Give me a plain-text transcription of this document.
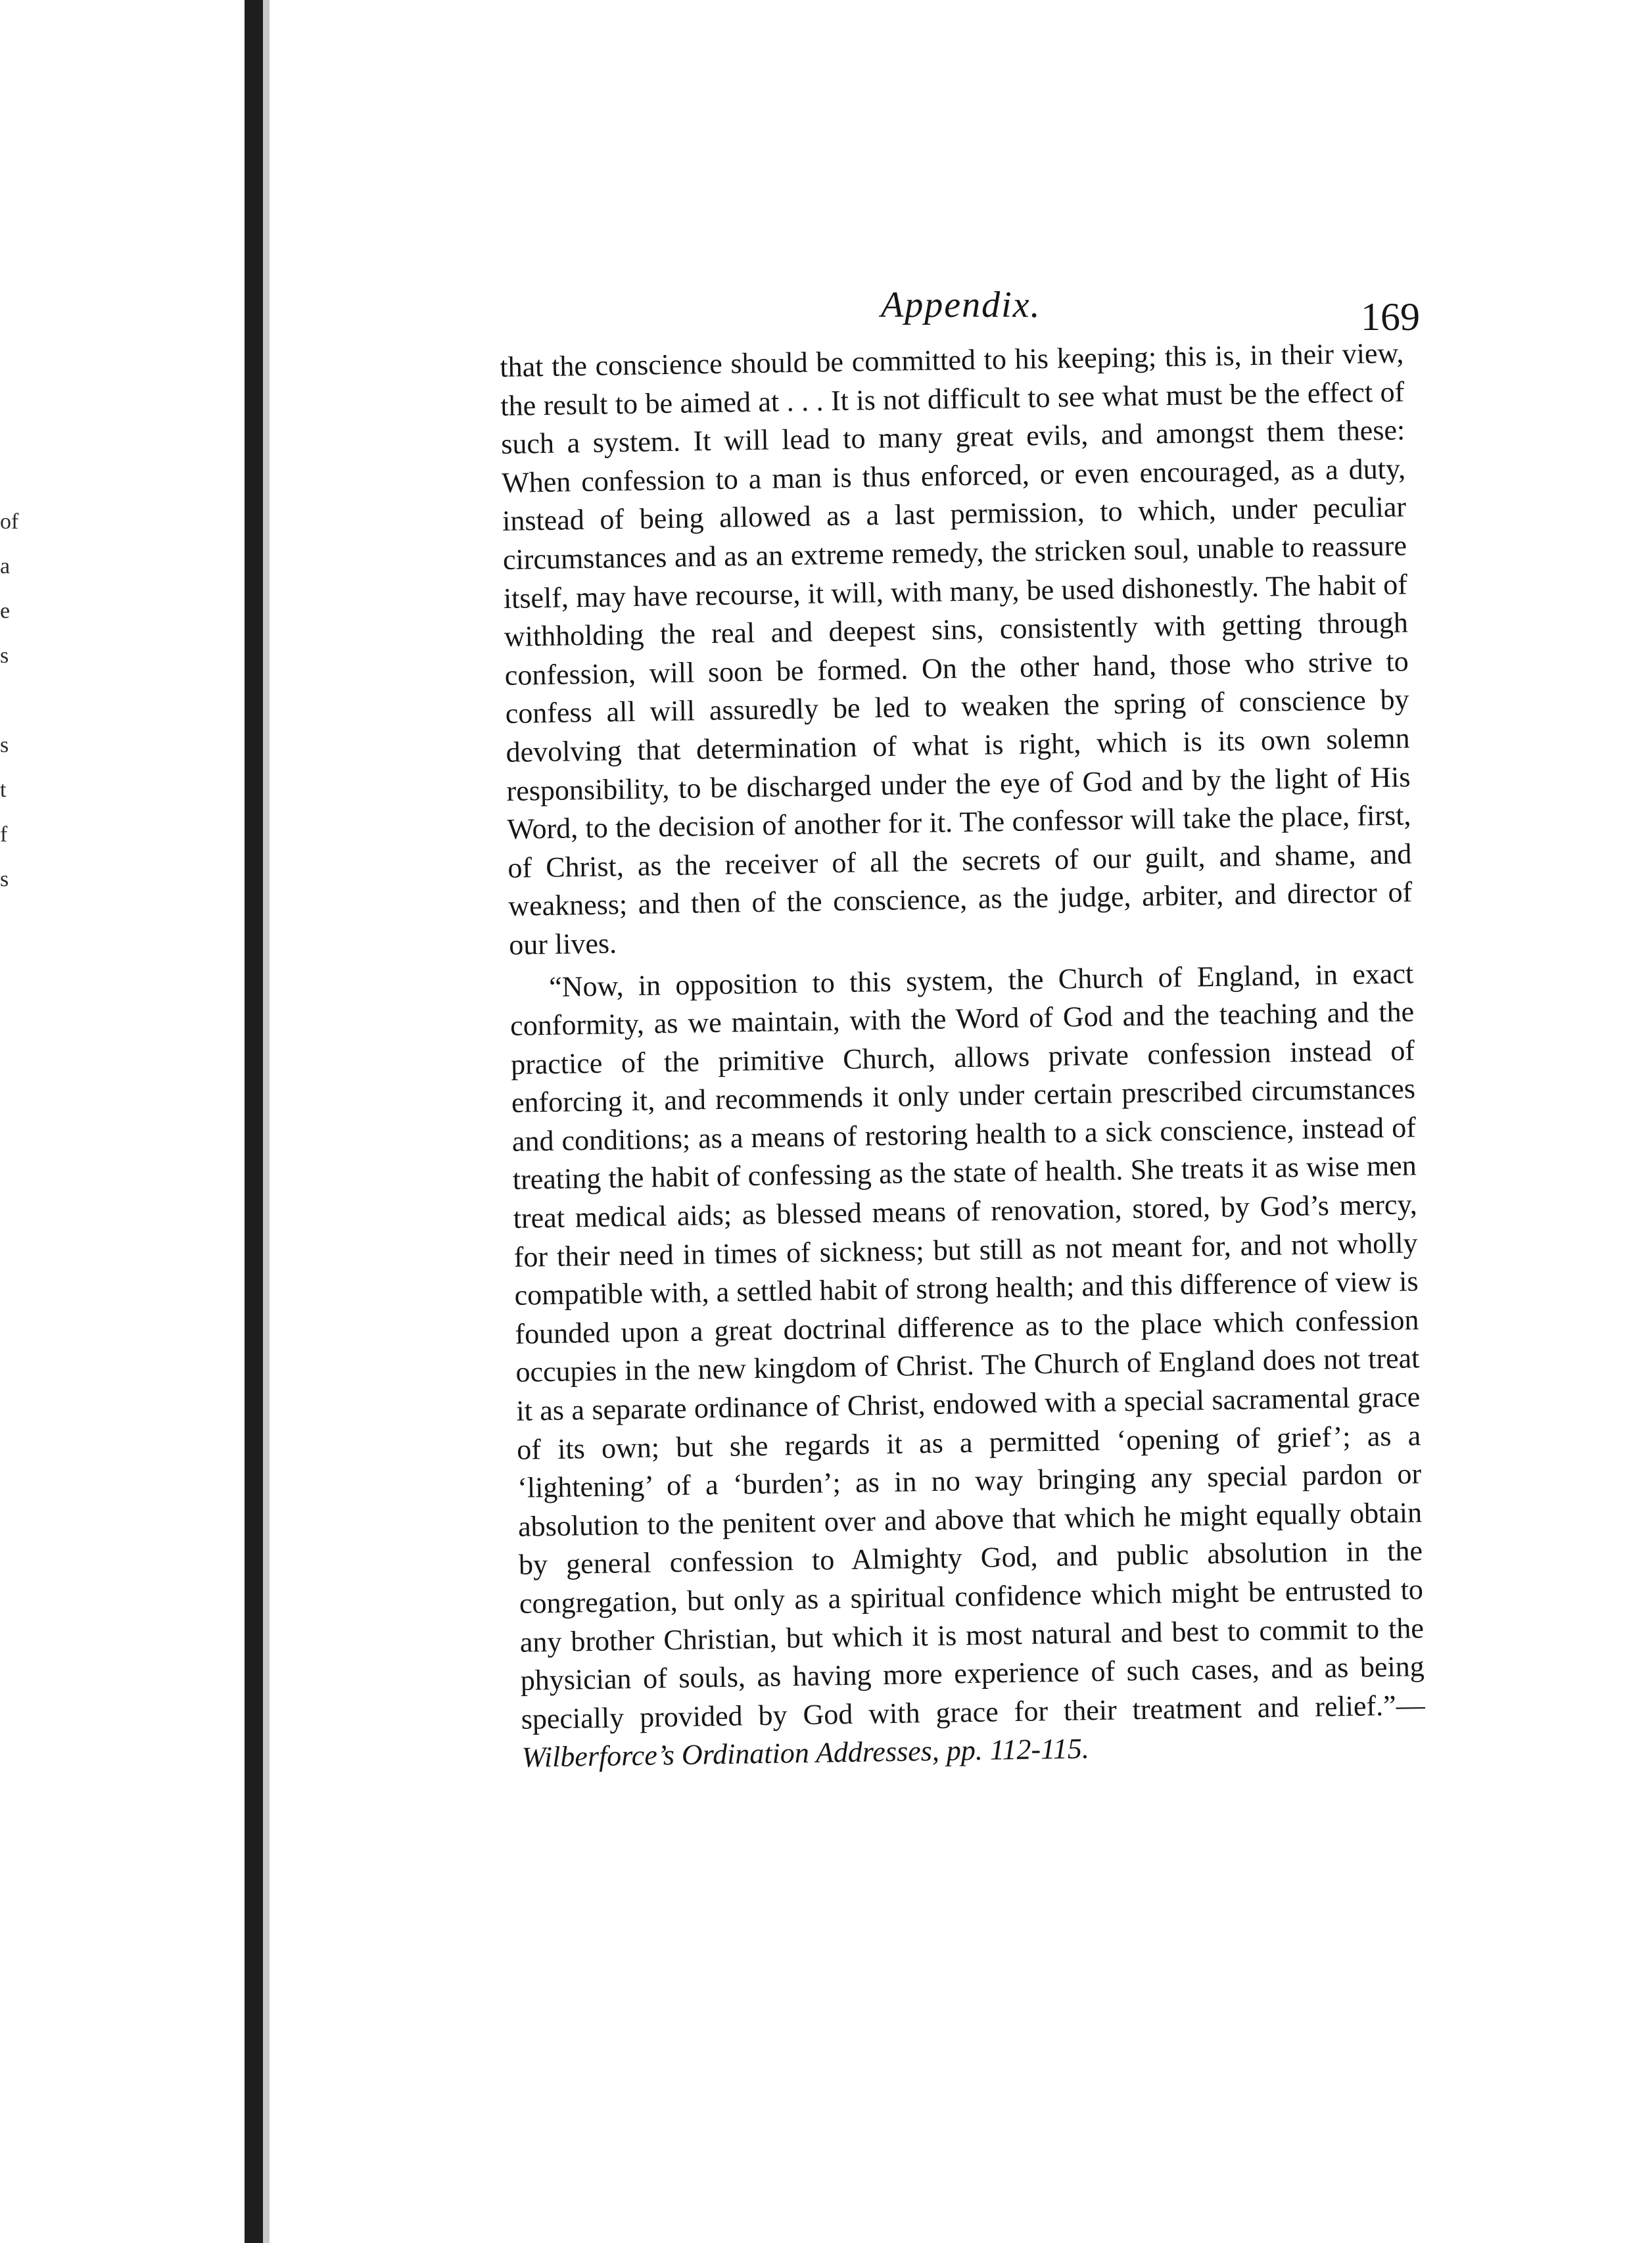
of
a
e
s
s
t
f
s
Appendix.	169

that the conscience should be committed to his keeping; this is, in their view, the result to be aimed at . . . It is not difficult to see what must be the effect of such a system. It will lead to many great evils, and amongst them these: When confession to a man is thus enforced, or even encouraged, as a duty, instead of being allowed as a last permission, to which, under peculiar circumstances and as an extreme remedy, the stricken soul, unable to reassure itself, may have recourse, it will, with many, be used dishonestly. The habit of withholding the real and deepest sins, consistently with getting through confession, will soon be formed. On the other hand, those who strive to confess all will assuredly be led to weaken the spring of conscience by devolving that determination of what is right, which is its own solemn responsibility, to be discharged under the eye of God and by the light of His Word, to the decision of another for it. The confessor will take the place, first, of Christ, as the receiver of all the secrets of our guilt, and shame, and weakness; and then of the conscience, as the judge, arbiter, and director of our lives.

“Now, in opposition to this system, the Church of England, in exact conformity, as we maintain, with the Word of God and the teaching and the practice of the primitive Church, allows private confession instead of enforcing it, and recommends it only under certain prescribed circumstances and conditions; as a means of restoring health to a sick conscience, instead of treating the habit of confessing as the state of health. She treats it as wise men treat medical aids; as blessed means of renovation, stored, by God’s mercy, for their need in times of sickness; but still as not meant for, and not wholly compatible with, a settled habit of strong health; and this difference of view is founded upon a great doctrinal difference as to the place which confession occupies in the new kingdom of Christ. The Church of England does not treat it as a separate ordinance of Christ, endowed with a special sacramental grace of its own; but she regards it as a permitted ‘opening of grief’; as a ‘lightening’ of a ‘burden’; as in no way bringing any special pardon or absolution to the penitent over and above that which he might equally obtain by general confession to Almighty God, and public absolution in the congregation, but only as a spiritual confidence which might be entrusted to any brother Christian, but which it is most natural and best to commit to the physician of souls, as having more experience of such cases, and as being specially provided by God with grace for their treatment and relief.”—Wilberforce’s Ordination Addresses, pp. 112-115.
